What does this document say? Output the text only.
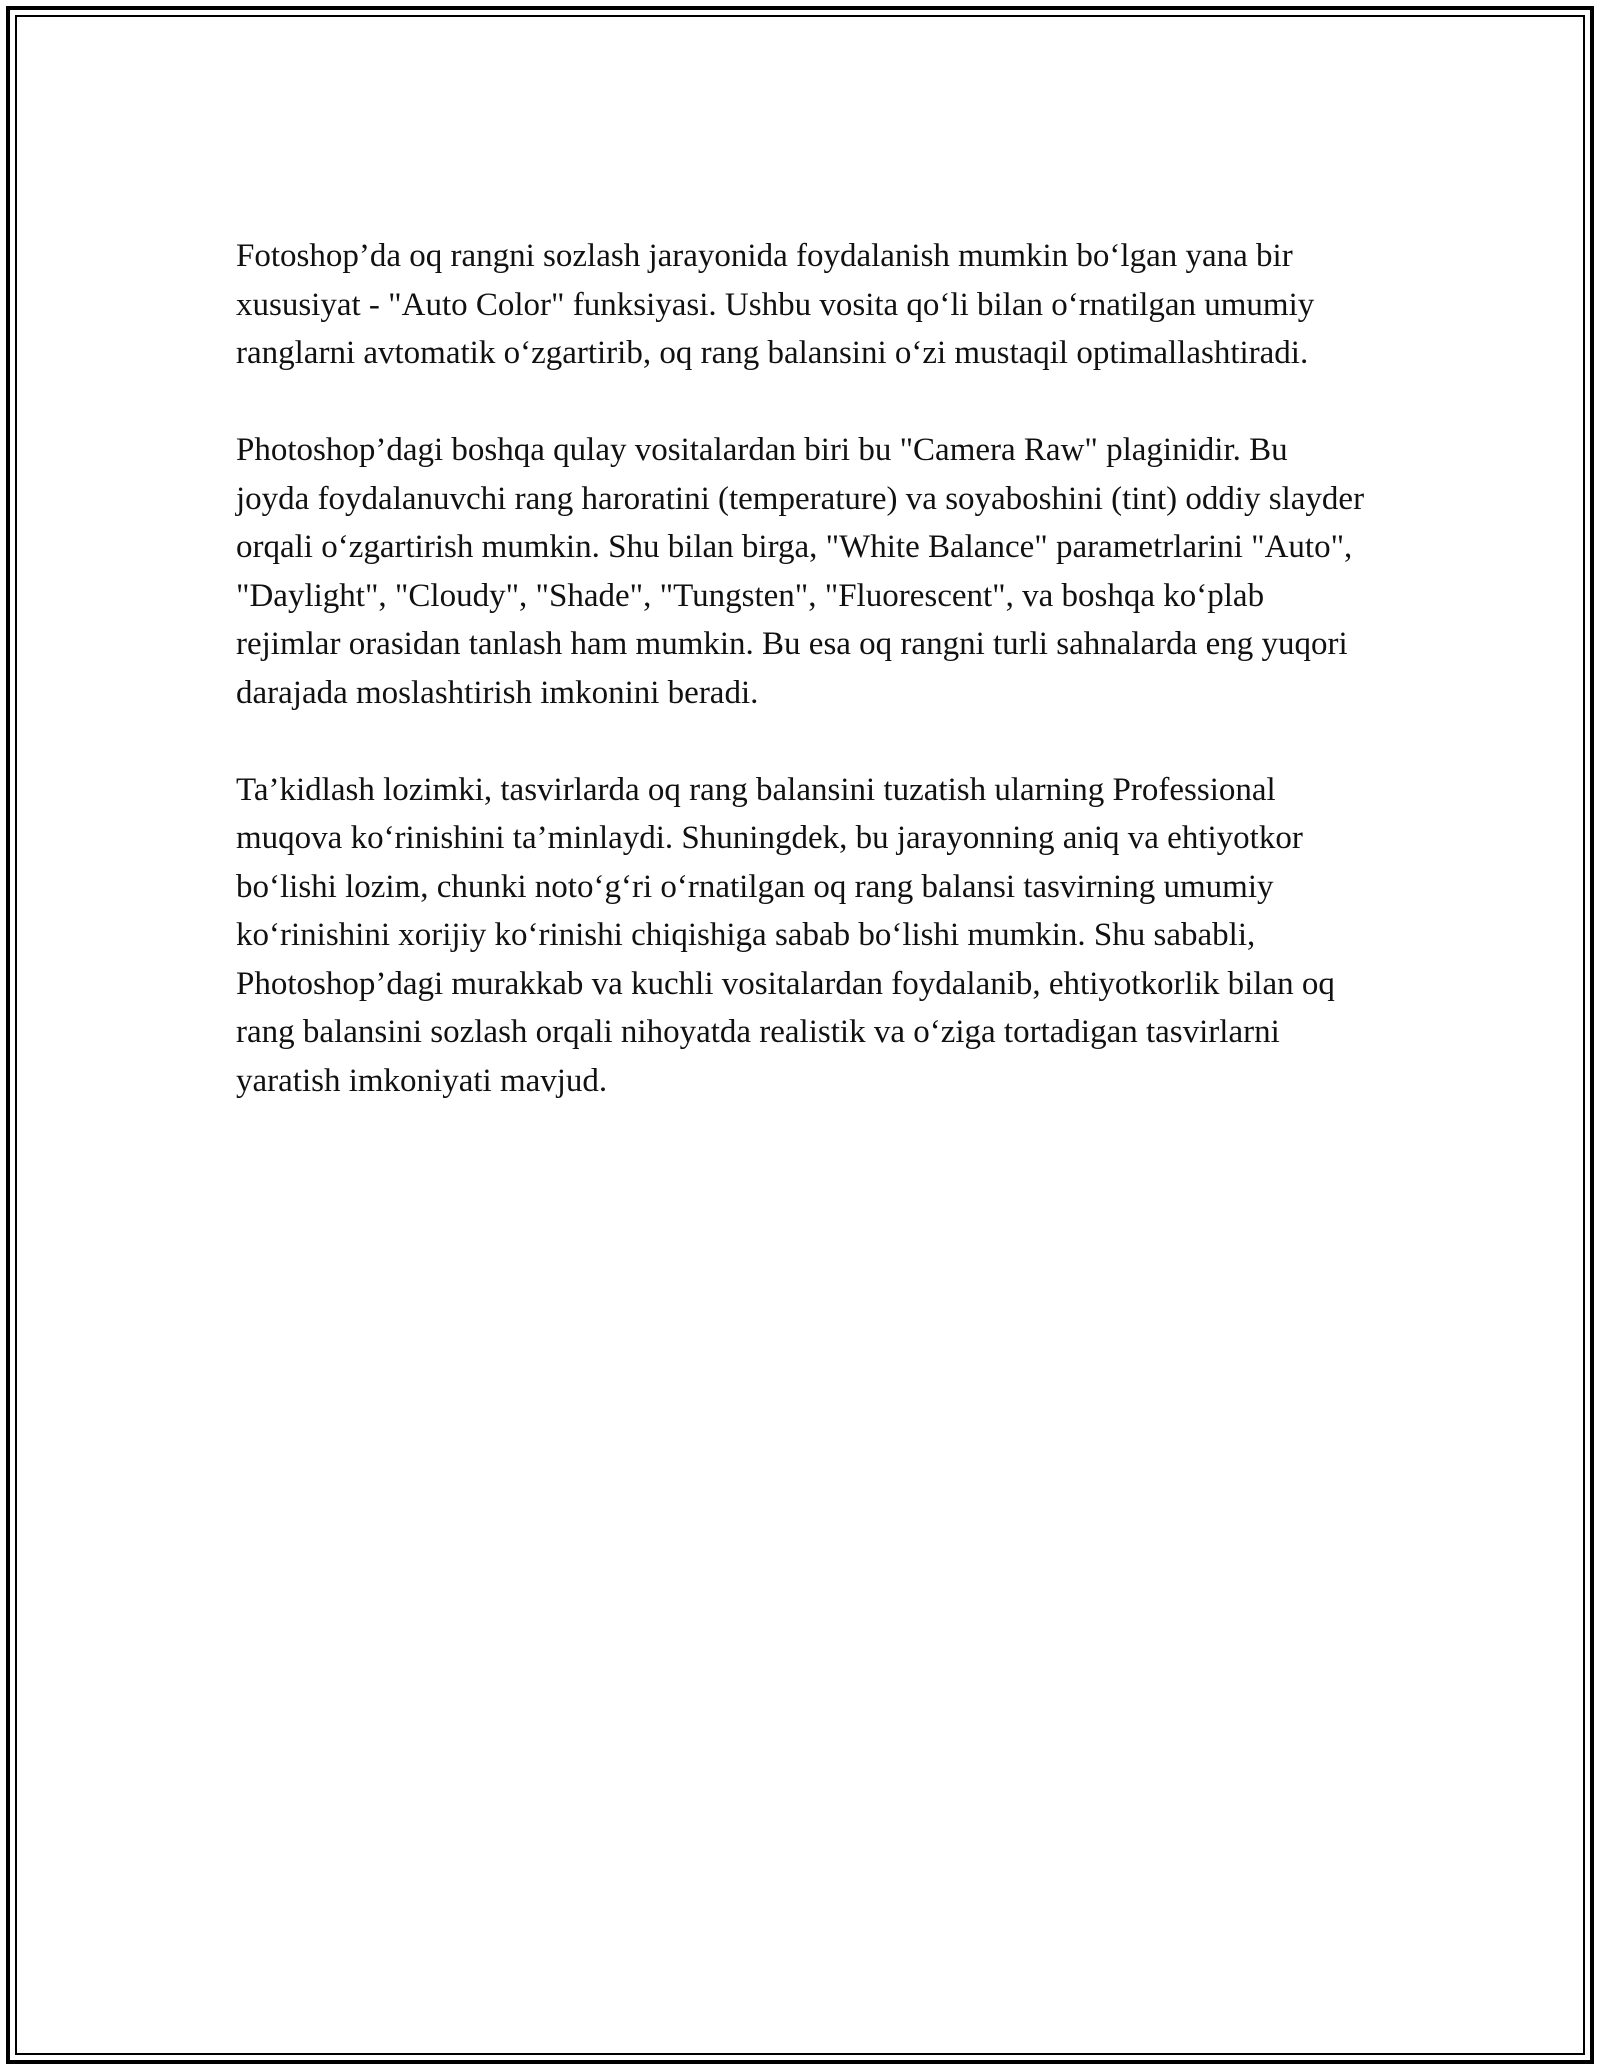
Fotoshop’da oq rangni sozlash jarayonida foydalanish mumkin bo‘lgan yana bir xususiyat - "Auto Color" funksiyasi. Ushbu vosita qo‘li bilan o‘rnatilgan umumiy ranglarni avtomatik o‘zgartirib, oq rang balansini o‘zi mustaqil optimallashtiradi.

Photoshop’dagi boshqa qulay vositalardan biri bu "Camera Raw" plaginidir. Bu joyda foydalanuvchi rang haroratini (temperature) va soyaboshini (tint) oddiy slayder orqali o‘zgartirish mumkin. Shu bilan birga, "White Balance" parametrlarini "Auto", "Daylight", "Cloudy", "Shade", "Tungsten", "Fluorescent", va boshqa ko‘plab rejimlar orasidan tanlash ham mumkin. Bu esa oq rangni turli sahnalarda eng yuqori darajada moslashtirish imkonini beradi.

Ta’kidlash lozimki, tasvirlarda oq rang balansini tuzatish ularning Professional muqova ko‘rinishini ta’minlaydi. Shuningdek, bu jarayonning aniq va ehtiyotkor bo‘lishi lozim, chunki noto‘g‘ri o‘rnatilgan oq rang balansi tasvirning umumiy ko‘rinishini xorijiy ko‘rinishi chiqishiga sabab bo‘lishi mumkin. Shu sababli, Photoshop’dagi murakkab va kuchli vositalardan foydalanib, ehtiyotkorlik bilan oq rang balansini sozlash orqali nihoyatda realistik va o‘ziga tortadigan tasvirlarni yaratish imkoniyati mavjud.
